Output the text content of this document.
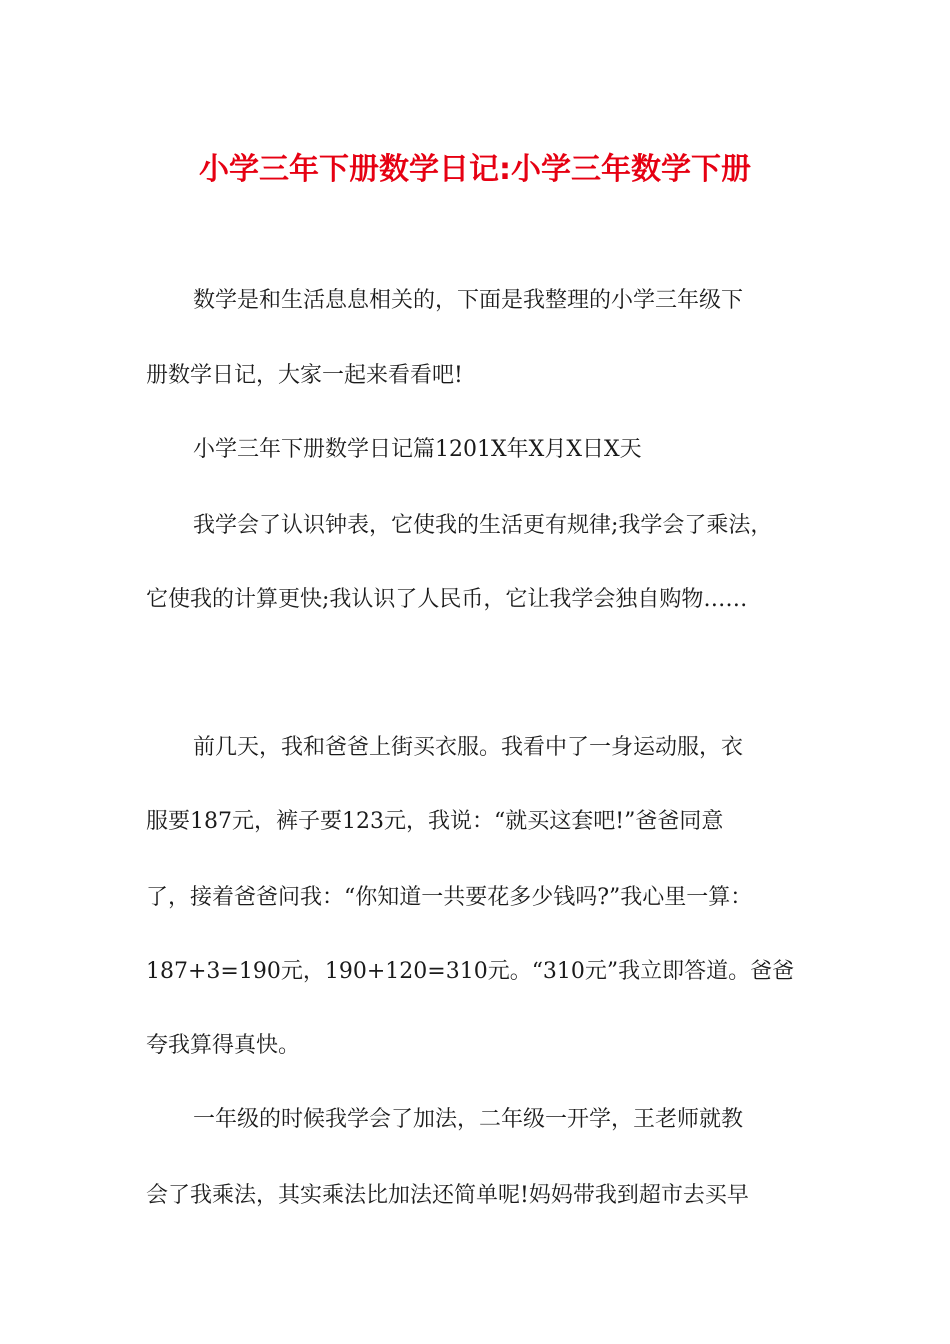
小学三年下册数学日记:小学三年数学下册
数学是和生活息息相关的，下面是我整理的小学三年级下
册数学日记，大家一起来看看吧!
小学三年下册数学日记篇1201X年X月X日X天
我学会了认识钟表，它使我的生活更有规律;我学会了乘法，
它使我的计算更快;我认识了人民币，它让我学会独自购物……
前几天，我和爸爸上街买衣服。我看中了一身运动服，衣
服要187元，裤子要123元，我说：“就买这套吧!”爸爸同意
了，接着爸爸问我：“你知道一共要花多少钱吗?”我心里一算：
187+3=190元，190+120=310元。“310元”我立即答道。爸爸
夸我算得真快。
一年级的时候我学会了加法，二年级一开学，王老师就教
会了我乘法，其实乘法比加法还简单呢!妈妈带我到超市去买早
